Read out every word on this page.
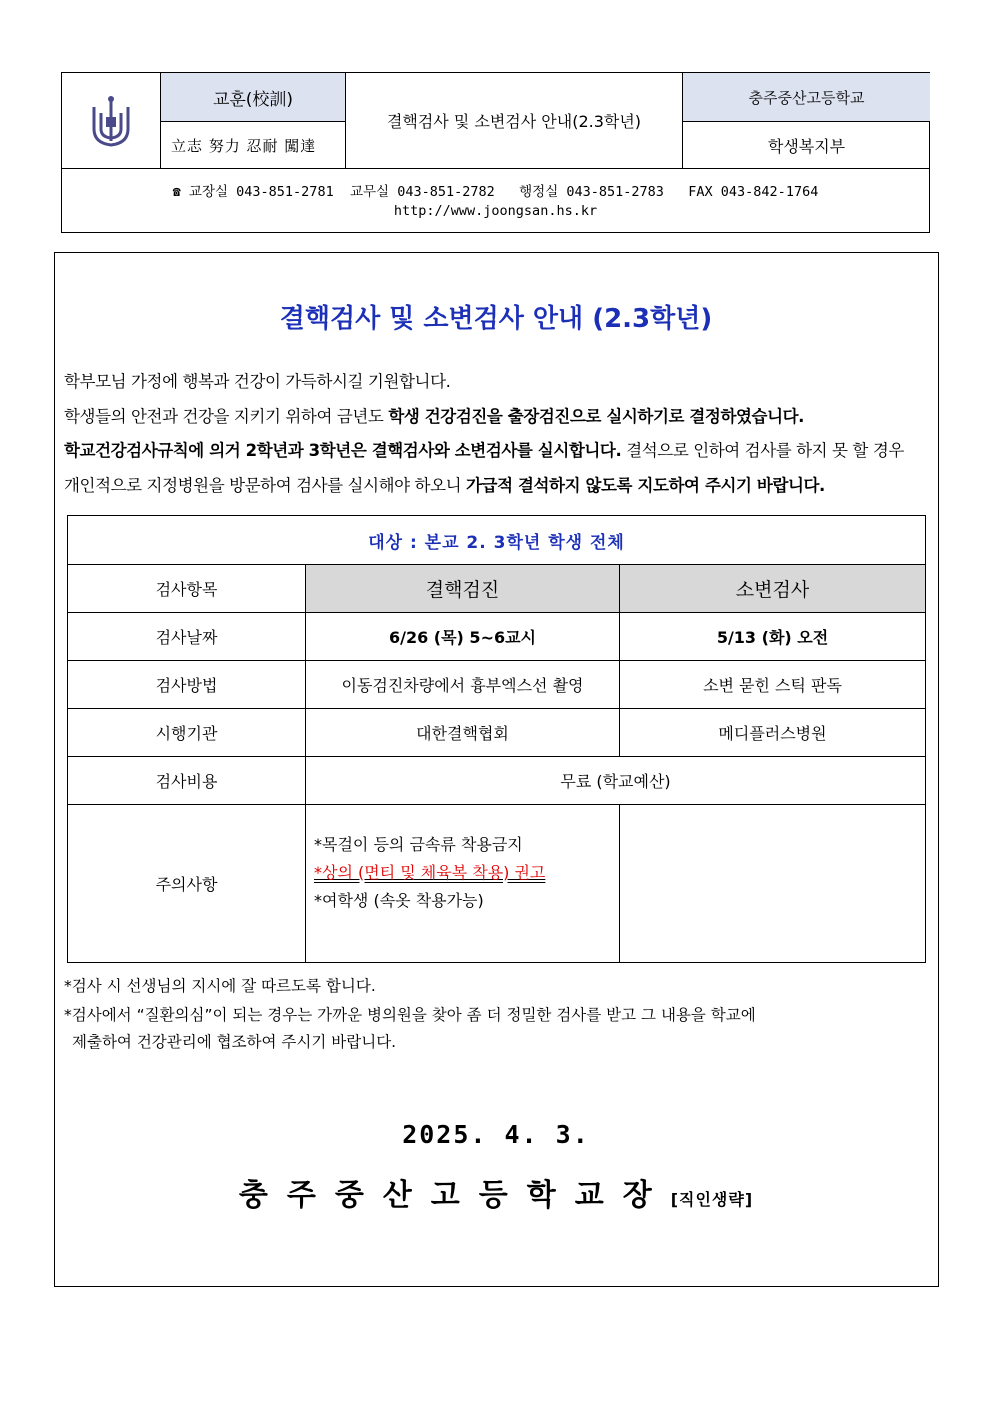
교훈(校訓)
立志 努力 忍耐 闖達
결핵검사 및 소변검사 안내(2.3학년)
충주중산고등학교
학생복지부
☎ 교장실 043-851-2781  교무실 043-851-2782   행정실 043-851-2783   FAX 043-842-1764
http://www.joongsan.hs.kr
결핵검사 및 소변검사 안내 (2.3학년)
학부모님 가정에 행복과 건강이 가득하시길 기원합니다.
학생들의 안전과 건강을 지키기 위하여 금년도 학생 건강검진을 출장검진으로 실시하기로 결정하였습니다.
학교건강검사규칙에 의거 2학년과 3학년은 결핵검사와 소변검사를 실시합니다. 결석으로 인하여 검사를 하지 못 할 경우
개인적으로 지정병원을 방문하여 검사를 실시해야 하오니 가급적 결석하지 않도록 지도하여 주시기 바랍니다.
대상 : 본교 2. 3학년 학생 전체		
검사항목	결핵검진	소변검사
검사날짜	6/26 (목) 5~6교시	5/13 (화) 오전
검사방법	이동검진차량에서 흉부엑스선 촬영	소변 묻힌 스틱 판독
시행기관	대한결핵협회	메디플러스병원
검사비용	무료 (학교예산)	
주의사항	*목걸이 등의 금속류 착용금지
*상의 (면티 및 체육복 착용) 권고
*여학생 (속옷 착용가능)	

*검사 시 선생님의 지시에 잘 따르도록 합니다.
*검사에서 “질환의심”이 되는 경우는 가까운 병의원을 찾아 좀 더 정밀한 검사를 받고 그 내용을 학교에
제출하여 건강관리에 협조하여 주시기 바랍니다.
2025. 4. 3.
충주중산고등학교장[직인생략]
